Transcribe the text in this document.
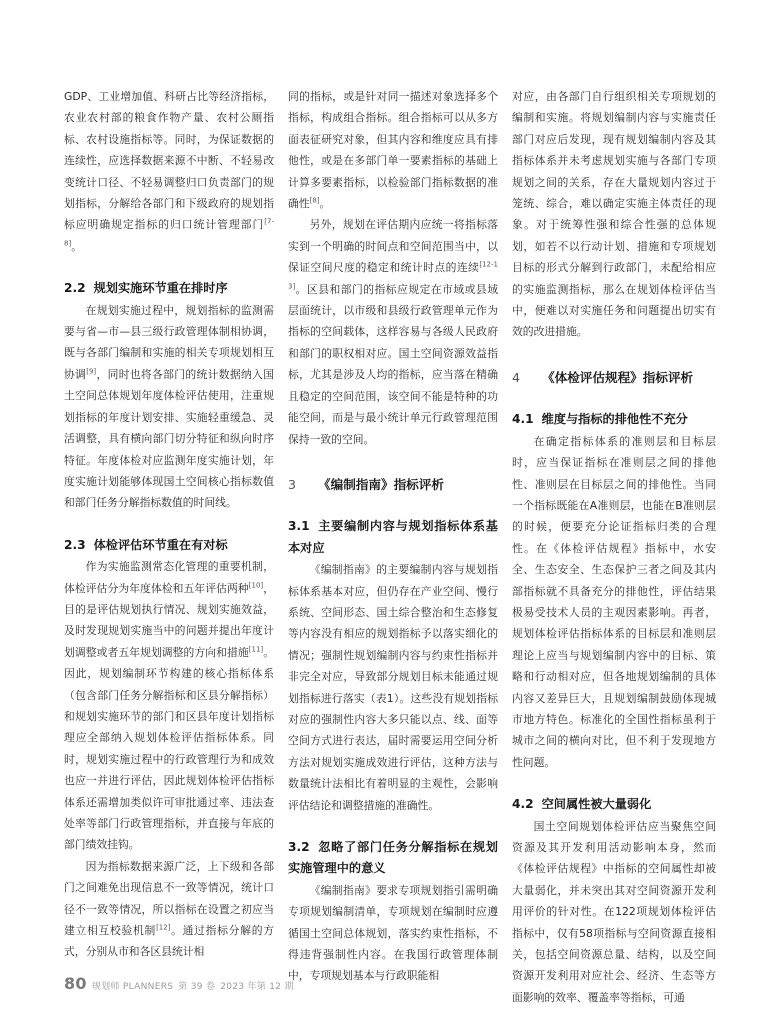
GDP、工业增加值、科研占比等经济指标，农业农村部的粮食作物产量、农村公厕指标、农村设施指标等。同时，为保证数据的连续性，应选择数据来源不中断、不轻易改变统计口径、不轻易调整归口负责部门的规划指标，分解给各部门和下级政府的规划指标应明确规定指标的归口统计管理部门[7-8]。

2.2 规划实施环节重在排时序

在规划实施过程中，规划指标的监测需要与省—市—县三级行政管理体制相协调，既与各部门编制和实施的相关专项规划相互协调[9]，同时也将各部门的统计数据纳入国土空间总体规划年度体检评估使用，注重规划指标的年度计划安排、实施轻重缓急、灵活调整，具有横向部门切分特征和纵向时序特征。年度体检对应监测年度实施计划，年度实施计划能够体现国土空间核心指标数值和部门任务分解指标数值的时间线。

2.3 体检评估环节重在有对标

作为实施监测常态化管理的重要机制，体检评估分为年度体检和五年评估两种[10]，目的是评估规划执行情况、规划实施效益，及时发现规划实施当中的问题并提出年度计划调整或者五年规划调整的方向和措施[11]。因此，规划编制环节构建的核心指标体系（包含部门任务分解指标和区县分解指标）和规划实施环节的部门和区县年度计划指标理应全部纳入规划体检评估指标体系。同时，规划实施过程中的行政管理行为和成效也应一并进行评估，因此规划体检评估指标体系还需增加类似许可审批通过率、违法查处率等部门行政管理指标，并直接与年底的部门绩效挂钩。

因为指标数据来源广泛，上下级和各部门之间难免出现信息不一致等情况，统计口径不一致等情况，所以指标在设置之初应当建立相互校验机制[12]。通过指标分解的方式，分别从市和各区县统计相

同的指标，或是针对同一描述对象选择多个指标，构成组合指标。组合指标可以从多方面表征研究对象，但其内容和维度应具有排他性，或是在多部门单一要素指标的基础上计算多要素指标，以检验部门指标数据的准确性[8]。

另外，规划在评估期内应统一将指标落实到一个明确的时间点和空间范围当中，以保证空间尺度的稳定和统计时点的连续[12-13]。区县和部门的指标应规定在市域或县域层面统计，以市级和县级行政管理单元作为指标的空间载体，这样容易与各级人民政府和部门的职权相对应。国土空间资源效益指标，尤其是涉及人均的指标，应当落在精确且稳定的空间范围，该空间不能是特种的功能空间，而是与最小统计单元行政管理范围保持一致的空间。

3 《编制指南》指标评析
3.1 主要编制内容与规划指标体系基本对应

《编制指南》的主要编制内容与规划指标体系基本对应，但仍存在产业空间、慢行系统、空间形态、国土综合整治和生态修复等内容没有相应的规划指标予以落实细化的情况；强制性规划编制内容与约束性指标并非完全对应，导致部分规划目标未能通过规划指标进行落实（表1）。这些没有规划指标对应的强制性内容大多只能以点、线、面等空间方式进行表达，届时需要运用空间分析方法对规划实施成效进行评估，这种方法与数量统计法相比有着明显的主观性，会影响评估结论和调整措施的准确性。

3.2 忽略了部门任务分解指标在规划实施管理中的意义

《编制指南》要求专项规划指引需明确专项规划编制清单，专项规划在编制时应遵循国土空间总体规划，落实约束性指标，不得违背强制性内容。在我国行政管理体制中，专项规划基本与行政职能相

对应，由各部门自行组织相关专项规划的编制和实施。将规划编制内容与实施责任部门对应后发现，现有规划编制内容及其指标体系并未考虑规划实施与各部门专项规划之间的关系，存在大量规划内容过于笼统、综合，难以确定实施主体责任的现象。对于统筹性强和综合性强的总体规划，如若不以行动计划、措施和专项规划目标的形式分解到行政部门，未配给相应的实施监测指标，那么在规划体检评估当中，便难以对实施任务和问题提出切实有效的改进措施。

4 《体检评估规程》指标评析
4.1 维度与指标的排他性不充分

在确定指标体系的准则层和目标层时，应当保证指标在准则层之间的排他性、准则层在目标层之间的排他性。当同一个指标既能在A准则层，也能在B准则层的时候，便要充分论证指标归类的合理性。在《体检评估规程》指标中，水安全、生态安全、生态保护三者之间及其内部指标就不具备充分的排他性，评估结果极易受技术人员的主观因素影响。再者，规划体检评估指标体系的目标层和准则层理论上应当与规划编制内容中的目标、策略和行动相对应，但各地规划编制的具体内容又差异巨大，且规划编制鼓励体现城市地方特色。标准化的全国性指标虽利于城市之间的横向对比，但不利于发现地方性问题。

4.2 空间属性被大量弱化

国土空间规划体检评估应当聚焦空间资源及其开发利用活动影响本身，然而《体检评估规程》中指标的空间属性却被大量弱化，并未突出其对空间资源开发利用评价的针对性。在122项规划体检评估指标中，仅有58项指标与空间资源直接相关，包括空间资源总量、结构，以及空间资源开发利用对应社会、经济、生态等方面影响的效率、覆盖率等指标，可通

80 规划师 PLANNERS 第 39 卷 2023 年第 12 期
